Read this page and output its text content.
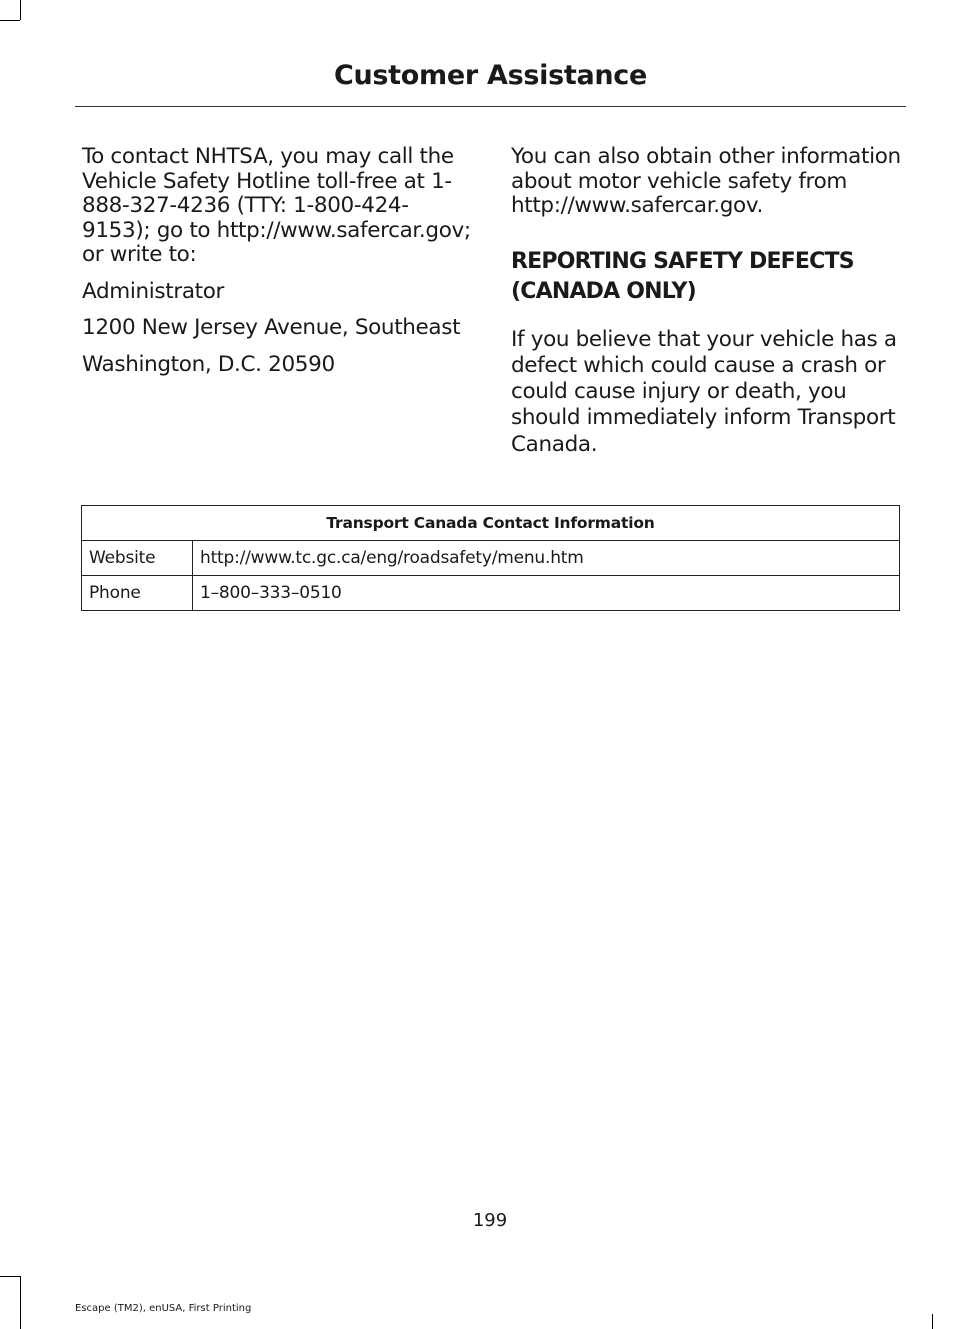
Customer Assistance

To contact NHTSA, you may call the Vehicle Safety Hotline toll-free at 1-888-327-4236 (TTY: 1-800-424-9153); go to http://www.safercar.gov; or write to:

Administrator

1200 New Jersey Avenue, Southeast

Washington, D.C. 20590

You can also obtain other information about motor vehicle safety from http://www.safercar.gov.

REPORTING SAFETY DEFECTS (CANADA ONLY)

If you believe that your vehicle has a defect which could cause a crash or could cause injury or death, you should immediately inform Transport Canada.

Transport Canada Contact Information	
Website	http://www.tc.gc.ca/eng/roadsafety/menu.htm
Phone	1–800–333–0510
199
Escape (TM2), enUSA, First Printing
